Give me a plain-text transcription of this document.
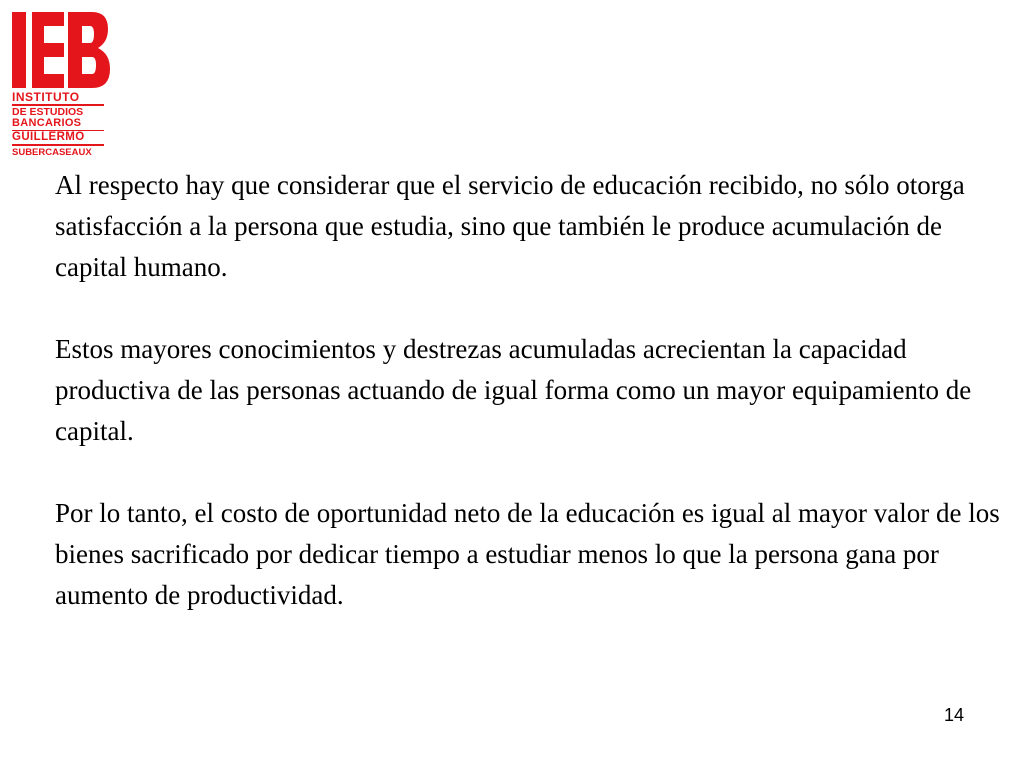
INSTITUTO
DE ESTUDIOS
BANCARIOS
GUILLERMO
SUBERCASEAUX

Al respecto hay que considerar que el servicio de educación recibido, no sólo otorga satisfacción a la persona que estudia, sino que también le produce acumulación de capital humano.

Estos mayores conocimientos y destrezas acumuladas acrecientan la capacidad productiva de las personas actuando de igual forma como un mayor equipamiento de capital.

Por lo tanto, el costo de oportunidad neto de la educación es igual al mayor valor de los bienes sacrificado por dedicar tiempo a estudiar menos lo que la persona gana por aumento de productividad.

14
